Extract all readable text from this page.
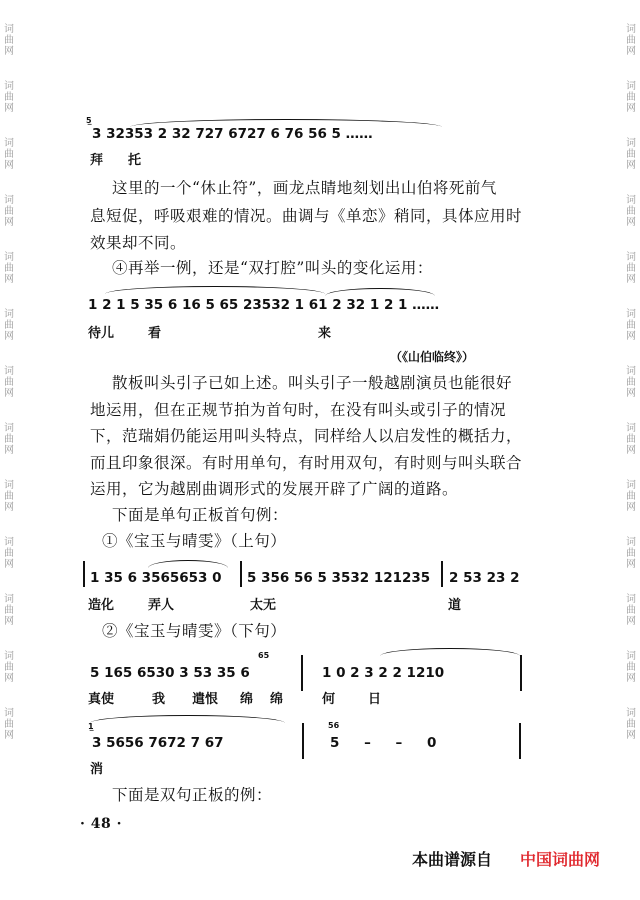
词
曲
网
词
曲
网
词
曲
网
词
曲
网
词
曲
网
词
曲
网
词
曲
网
词
曲
网
词
曲
网
词
曲
网
词
曲
网
词
曲
网
词
曲
网
词
曲
网
词
曲
网
词
曲
网
词
曲
网
词
曲
网
词
曲
网
词
曲
网
词
曲
网
词
曲
网
词
曲
网
词
曲
网
词
曲
网
词
曲
网
5̲
3 32353 2 32 727 6727 6 76 56 5 ……
拜 托
这里的一个“休止符”，画龙点睛地刻划出山伯将死前气
息短促，呼吸艰难的情况。曲调与《单恋》稍同，具体应用时
效果却不同。
④再举一例，还是“双打腔”叫头的变化运用：
1 2 1 5 35 6 16 5 65 23532 1 61 2 32 1 2 1 ……
待儿	看	来
（《山伯临终》）
散板叫头引子已如上述。叫头引子一般越剧演员也能很好
地运用，但在正规节拍为首句时，在没有叫头或引子的情况
下，范瑞娟仍能运用叫头特点，同样给人以启发性的概括力，
而且印象很深。有时用单句，有时用双句，有时则与叫头联合
运用，它为越剧曲调形式的发展开辟了广阔的道路。
下面是单句正板首句例：
①《宝玉与晴雯》（上句）
1 35 6 3565653 0 5 356 56 5 3532 121235 2 53 23 2
造化	弄人	太无	道
②《宝玉与晴雯》（下句）
65
5 165 6530 3 53 35 6	1 0 2 3 2 2 1210
真使	我 遣恨 绵 绵	何	日
1̲
3 5656 7672 7 67
56
5 – – 0
消
下面是双句正板的例：
· 48 ·
本曲谱源自 中国词曲网
